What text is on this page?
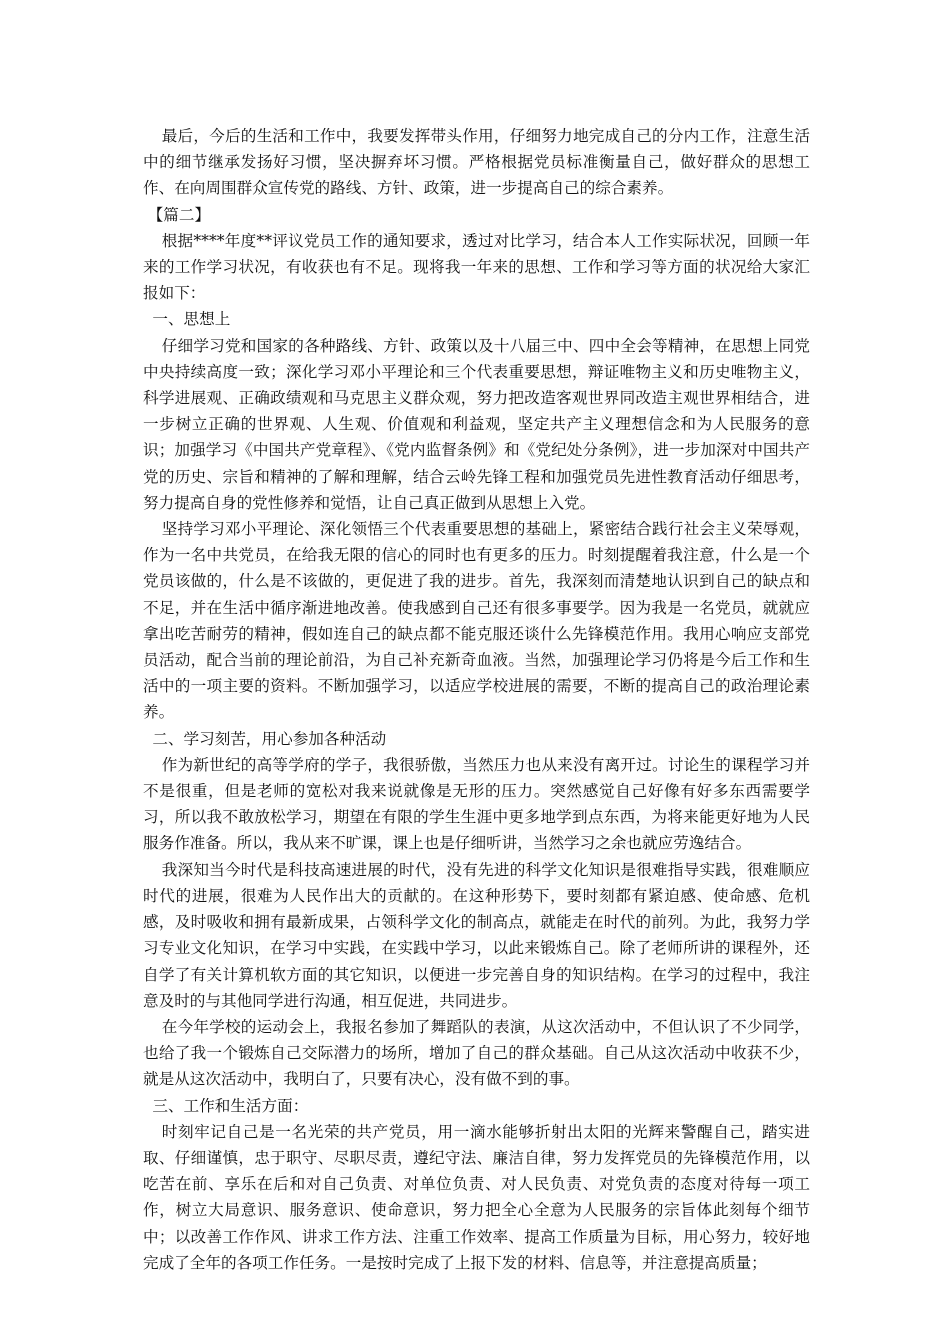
最后，今后的生活和工作中，我要发挥带头作用，仔细努力地完成自己的分内工作，注意生活中的细节继承发扬好习惯，坚决摒弃坏习惯。严格根据党员标准衡量自己，做好群众的思想工作、在向周围群众宣传党的路线、方针、政策，进一步提高自己的综合素养。

【篇二】

根据****年度**评议党员工作的通知要求，透过对比学习，结合本人工作实际状况，回顾一年来的工作学习状况，有收获也有不足。现将我一年来的思想、工作和学习等方面的状况给大家汇报如下：

一、思想上

仔细学习党和国家的各种路线、方针、政策以及十八届三中、四中全会等精神，在思想上同党中央持续高度一致；深化学习邓小平理论和三个代表重要思想，辩证唯物主义和历史唯物主义，科学进展观、正确政绩观和马克思主义群众观，努力把改造客观世界同改造主观世界相结合，进一步树立正确的世界观、人生观、价值观和利益观，坚定共产主义理想信念和为人民服务的意识；加强学习《中国共产党章程》、《党内监督条例》和《党纪处分条例》，进一步加深对中国共产党的历史、宗旨和精神的了解和理解，结合云岭先锋工程和加强党员先进性教育活动仔细思考，努力提高自身的党性修养和觉悟，让自己真正做到从思想上入党。

坚持学习邓小平理论、深化领悟三个代表重要思想的基础上，紧密结合践行社会主义荣辱观，作为一名中共党员，在给我无限的信心的同时也有更多的压力。时刻提醒着我注意，什么是一个党员该做的，什么是不该做的，更促进了我的进步。首先，我深刻而清楚地认识到自己的缺点和不足，并在生活中循序渐进地改善。使我感到自己还有很多事要学。因为我是一名党员，就就应拿出吃苦耐劳的精神，假如连自己的缺点都不能克服还谈什么先锋模范作用。我用心响应支部党员活动，配合当前的理论前沿，为自己补充新奇血液。当然，加强理论学习仍将是今后工作和生活中的一项主要的资料。不断加强学习，以适应学校进展的需要，不断的提高自己的政治理论素养。

二、学习刻苦，用心参加各种活动

作为新世纪的高等学府的学子，我很骄傲，当然压力也从来没有离开过。讨论生的课程学习并不是很重，但是老师的宽松对我来说就像是无形的压力。突然感觉自己好像有好多东西需要学习，所以我不敢放松学习，期望在有限的学生生涯中更多地学到点东西，为将来能更好地为人民服务作准备。所以，我从来不旷课，课上也是仔细听讲，当然学习之余也就应劳逸结合。

我深知当今时代是科技高速进展的时代，没有先进的科学文化知识是很难指导实践，很难顺应时代的进展，很难为人民作出大的贡献的。在这种形势下，要时刻都有紧迫感、使命感、危机感，及时吸收和拥有最新成果，占领科学文化的制高点，就能走在时代的前列。为此，我努力学习专业文化知识，在学习中实践，在实践中学习，以此来锻炼自己。除了老师所讲的课程外，还自学了有关计算机软方面的其它知识，以便进一步完善自身的知识结构。在学习的过程中，我注意及时的与其他同学进行沟通，相互促进，共同进步。

在今年学校的运动会上，我报名参加了舞蹈队的表演，从这次活动中，不但认识了不少同学，也给了我一个锻炼自己交际潜力的场所，增加了自己的群众基础。自己从这次活动中收获不少，就是从这次活动中，我明白了，只要有决心，没有做不到的事。

三、工作和生活方面：

时刻牢记自己是一名光荣的共产党员，用一滴水能够折射出太阳的光辉来警醒自己，踏实进取、仔细谨慎，忠于职守、尽职尽责，遵纪守法、廉洁自律，努力发挥党员的先锋模范作用，以吃苦在前、享乐在后和对自己负责、对单位负责、对人民负责、对党负责的态度对待每一项工作，树立大局意识、服务意识、使命意识，努力把全心全意为人民服务的宗旨体此刻每个细节中；以改善工作作风、讲求工作方法、注重工作效率、提高工作质量为目标，用心努力，较好地完成了全年的各项工作任务。一是按时完成了上报下发的材料、信息等，并注意提高质量；
